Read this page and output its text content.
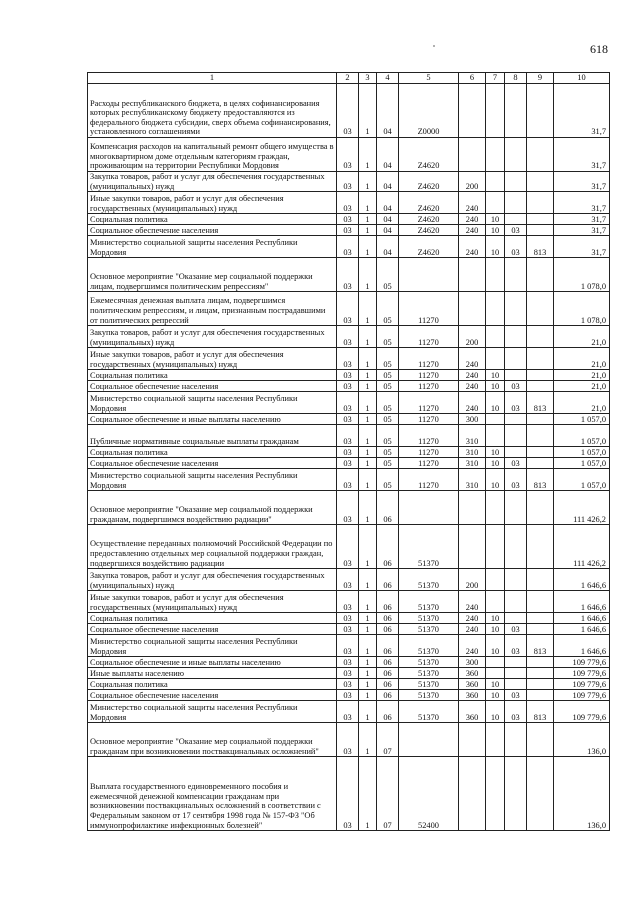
618
1	2	3	4	5	6	7	8	9	10
Расходы республиканского бюджета, в целях софинансирования которых республиканскому бюджету предоставляются из федерального бюджета субсидии, сверх объема софинансирования, установленного соглашениями	03	1	04	Z0000					31,7
Компенсация расходов на капитальный ремонт общего имущества в многоквартирном доме отдельным категориям граждан, проживающим на территории Республики Мордовия	03	1	04	Z4620					31,7
Закупка товаров, работ и услуг для обеспечения государственных (муниципальных) нужд	03	1	04	Z4620	200				31,7
Иные закупки товаров, работ и услуг для обеспечения государственных (муниципальных) нужд	03	1	04	Z4620	240				31,7
Социальная политика	03	1	04	Z4620	240	10			31,7
Социальное обеспечение населения	03	1	04	Z4620	240	10	03		31,7
Министерство социальной защиты населения Республики Мордовия	03	1	04	Z4620	240	10	03	813	31,7
Основное мероприятие "Оказание мер социальной поддержки лицам, подвергшимся политическим репрессиям"	03	1	05						1 078,0
Ежемесячная денежная выплата лицам, подвергшимся политическим репрессиям, и лицам, признанным пострадавшими от политических репрессий	03	1	05	11270					1 078,0
Закупка товаров, работ и услуг для обеспечения государственных (муниципальных) нужд	03	1	05	11270	200				21,0
Иные закупки товаров, работ и услуг для обеспечения государственных (муниципальных) нужд	03	1	05	11270	240				21,0
Социальная политика	03	1	05	11270	240	10			21,0
Социальное обеспечение населения	03	1	05	11270	240	10	03		21,0
Министерство социальной защиты населения Республики Мордовия	03	1	05	11270	240	10	03	813	21,0
Социальное обеспечение и иные выплаты населению	03	1	05	11270	300				1 057,0
Публичные нормативные социальные выплаты гражданам	03	1	05	11270	310				1 057,0
Социальная политика	03	1	05	11270	310	10			1 057,0
Социальное обеспечение населения	03	1	05	11270	310	10	03		1 057,0
Министерство социальной защиты населения Республики Мордовия	03	1	05	11270	310	10	03	813	1 057,0
Основное мероприятие "Оказание мер социальной поддержки гражданам, подвергшимся воздействию радиации"	03	1	06						111 426,2
Осуществление переданных полномочий Российской Федерации по предоставлению отдельных мер социальной поддержки граждан, подвергшихся воздействию радиации	03	1	06	51370					111 426,2
Закупка товаров, работ и услуг для обеспечения государственных (муниципальных) нужд	03	1	06	51370	200				1 646,6
Иные закупки товаров, работ и услуг для обеспечения государственных (муниципальных) нужд	03	1	06	51370	240				1 646,6
Социальная политика	03	1	06	51370	240	10			1 646,6
Социальное обеспечение населения	03	1	06	51370	240	10	03		1 646,6
Министерство социальной защиты населения Республики Мордовия	03	1	06	51370	240	10	03	813	1 646,6
Социальное обеспечение и иные выплаты населению	03	1	06	51370	300				109 779,6
Иные выплаты населению	03	1	06	51370	360				109 779,6
Социальная политика	03	1	06	51370	360	10			109 779,6
Социальное обеспечение населения	03	1	06	51370	360	10	03		109 779,6
Министерство социальной защиты населения Республики Мордовия	03	1	06	51370	360	10	03	813	109 779,6
Основное мероприятие "Оказание мер социальной поддержки гражданам при возникновении поствакцинальных осложнений"	03	1	07						136,0
Выплата государственного единовременного пособия и ежемесячной денежной компенсации гражданам при возникновении поствакцинальных осложнений в соответствии с Федеральным законом от 17 сентября 1998 года № 157-ФЗ "Об иммунопрофилактике инфекционных болезней"	03	1	07	52400					136,0
